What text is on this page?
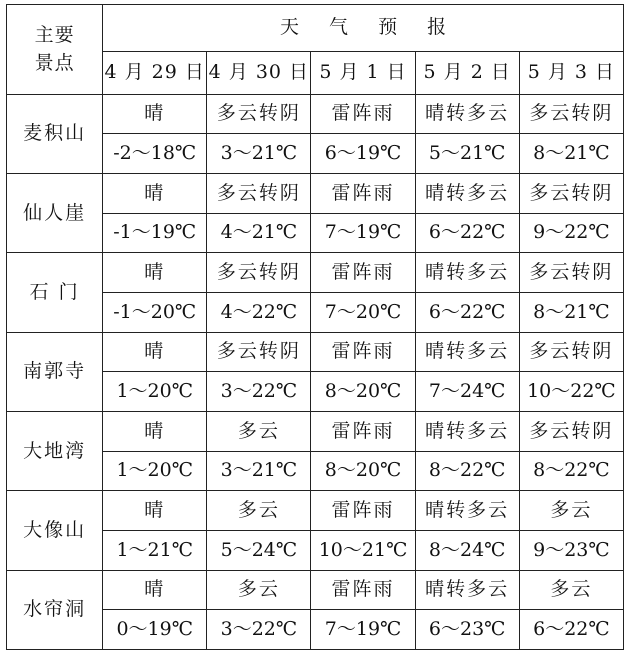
主要
景点	天 气 预 报				
	4 月 29 日	4 月 30 日	5 月 1 日	5 月 2 日	5 月 3 日
麦积山	晴	多云转阴	雷阵雨	晴转多云	多云转阴
	-2～18℃	3～21℃	6～19℃	5～21℃	8～21℃
仙人崖	晴	多云转阴	雷阵雨	晴转多云	多云转阴
	-1～19℃	4～21℃	7～19℃	6～22℃	9～22℃
石 门	晴	多云转阴	雷阵雨	晴转多云	多云转阴
	-1～20℃	4～22℃	7～20℃	6～22℃	8～21℃
南郭寺	晴	多云转阴	雷阵雨	晴转多云	多云转阴
	1～20℃	3～22℃	8～20℃	7～24℃	10～22℃
大地湾	晴	多云	雷阵雨	晴转多云	多云转阴
	1～20℃	3～21℃	8～20℃	8～22℃	8～22℃
大像山	晴	多云	雷阵雨	晴转多云	多云
	1～21℃	5～24℃	10～21℃	8～24℃	9～23℃
水帘洞	晴	多云	雷阵雨	晴转多云	多云
	0～19℃	3～22℃	7～19℃	6～23℃	6～22℃
